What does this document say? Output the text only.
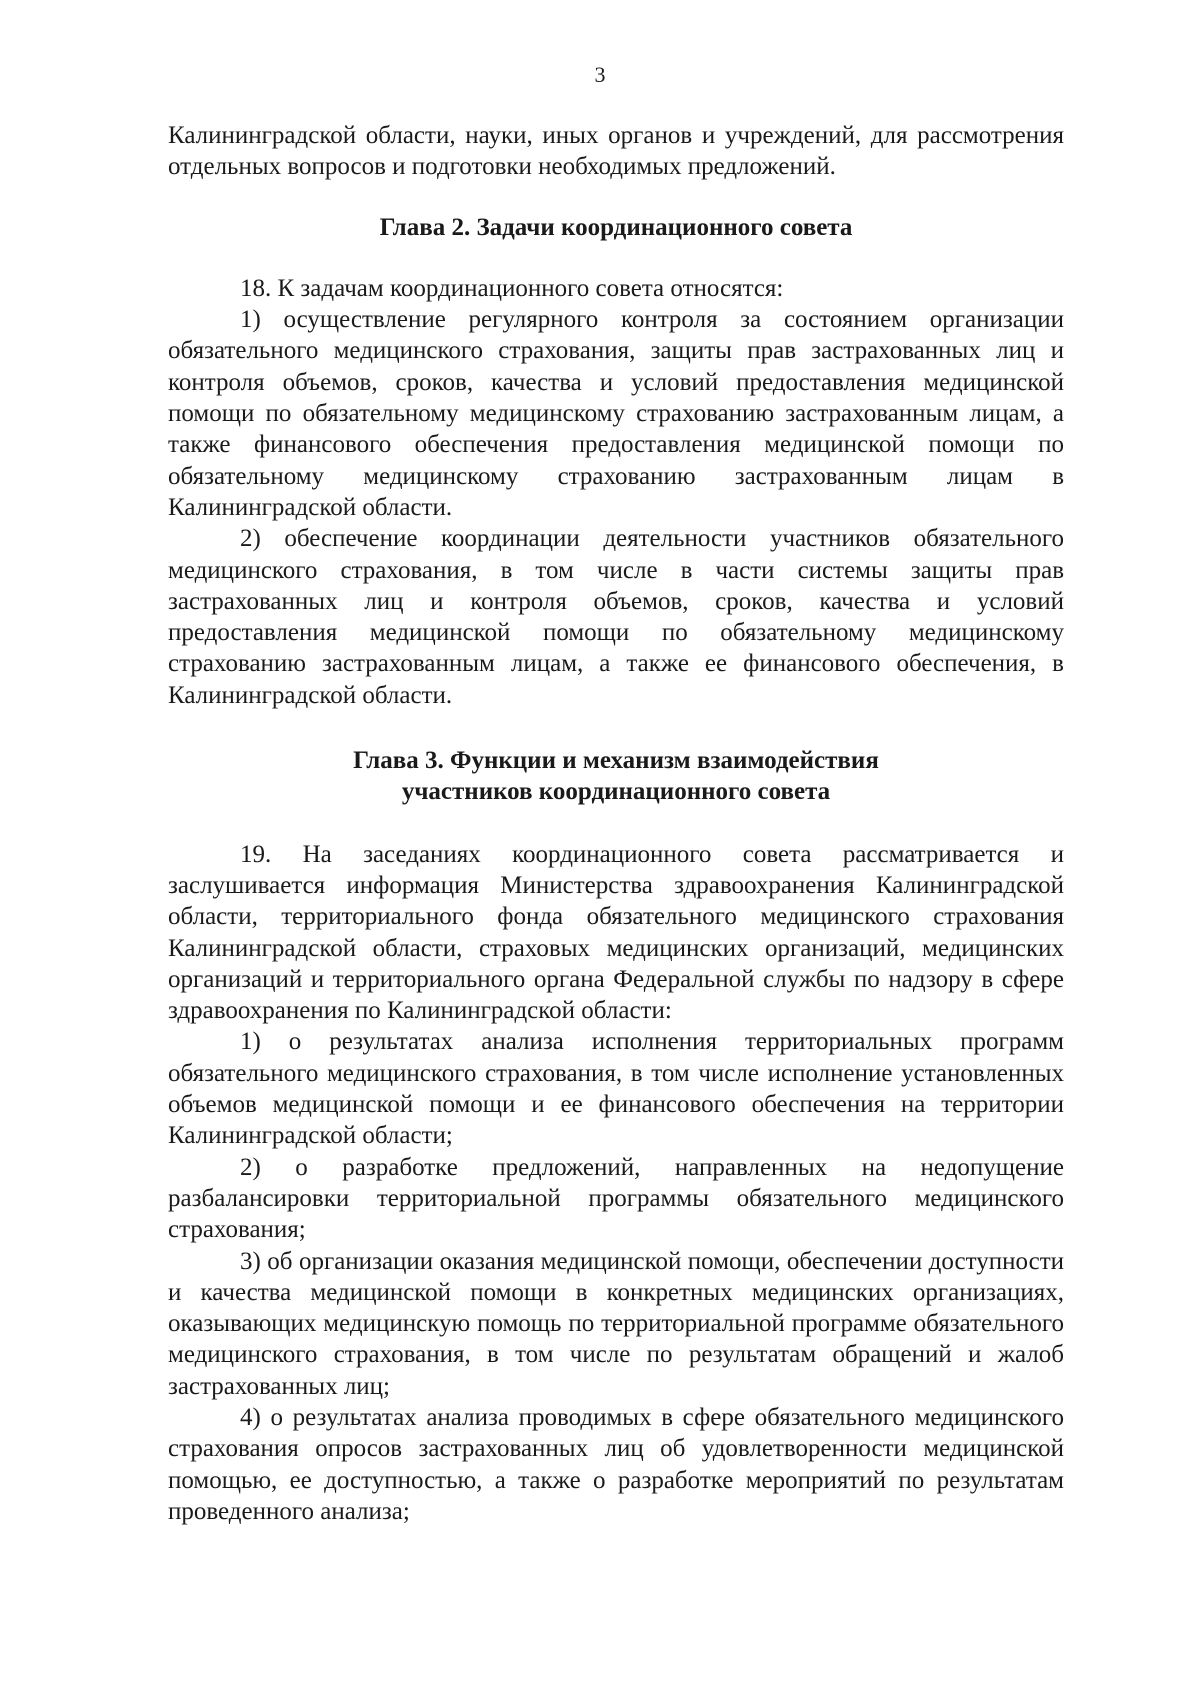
3

Калининградской области, науки, иных органов и учреждений, для рассмотрения отдельных вопросов и подготовки необходимых предложений.

Глава 2. Задачи координационного совета

18. К задачам координационного совета относятся:

1) осуществление регулярного контроля за состоянием организации обязательного медицинского страхования, защиты прав застрахованных лиц и контроля объемов, сроков, качества и условий предоставления медицинской помощи по обязательному медицинскому страхованию застрахованным лицам, а также финансового обеспечения предоставления медицинской помощи по обязательному медицинскому страхованию застрахованным лицам в Калининградской области.

2) обеспечение координации деятельности участников обязательного медицинского страхования, в том числе в части системы защиты прав застрахованных лиц и контроля объемов, сроков, качества и условий предоставления медицинской помощи по обязательному медицинскому страхованию застрахованным лицам, а также ее финансового обеспечения, в Калининградской области.

Глава 3. Функции и механизм взаимодействия
участников координационного совета

19. На заседаниях координационного совета рассматривается и заслушивается информация Министерства здравоохранения Калининградской области, территориального фонда обязательного медицинского страхования Калининградской области, страховых медицинских организаций, медицинских организаций и территориального органа Федеральной службы по надзору в сфере здравоохранения по Калининградской области:

1) о результатах анализа исполнения территориальных программ обязательного медицинского страхования, в том числе исполнение установленных объемов медицинской помощи и ее финансового обеспечения на территории Калининградской области;

2) о разработке предложений, направленных на недопущение разбалансировки территориальной программы обязательного медицинского страхования;

3) об организации оказания медицинской помощи, обеспечении доступности и качества медицинской помощи в конкретных медицинских организациях, оказывающих медицинскую помощь по территориальной программе обязательного медицинского страхования, в том числе по результатам обращений и жалоб застрахованных лиц;

4) о результатах анализа проводимых в сфере обязательного медицинского страхования опросов застрахованных лиц об удовлетворенности медицинской помощью, ее доступностью, а также о разработке мероприятий по результатам проведенного анализа;
